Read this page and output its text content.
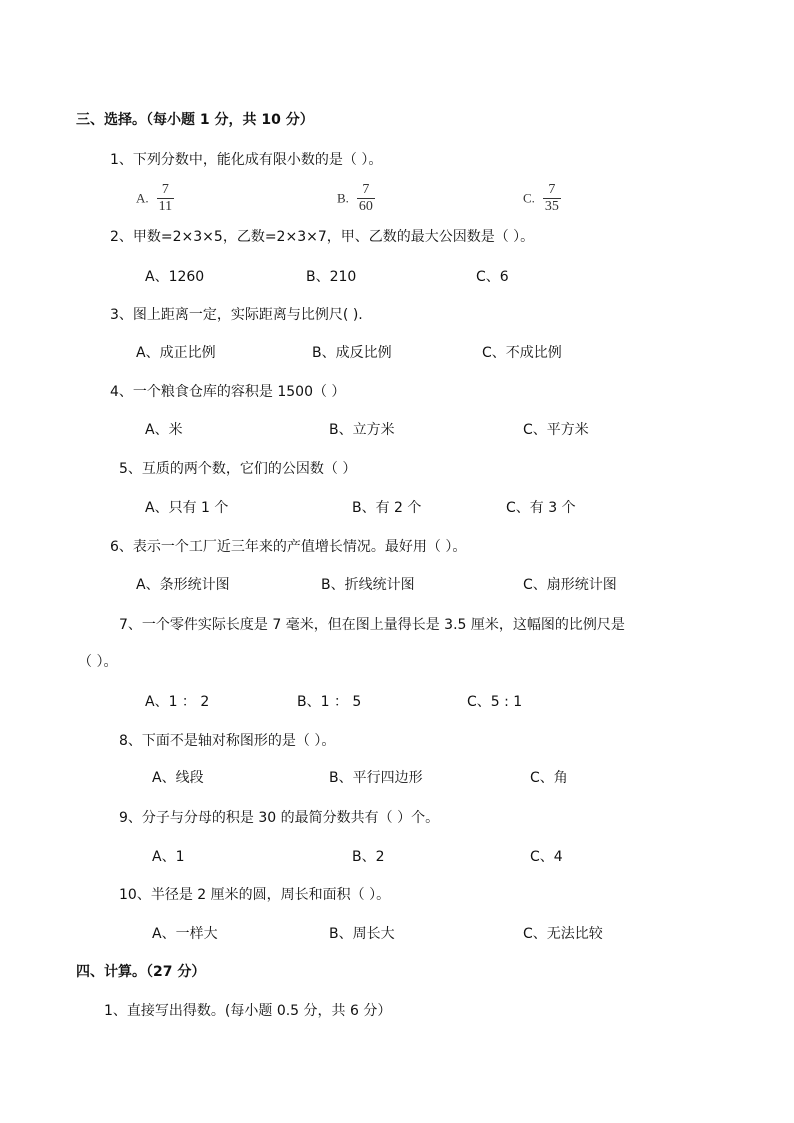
三、选择。（每小题 1 分，共 10 分）
1、下列分数中，能化成有限小数的是（ ）。
A. $\frac{7}{11}$	B. $\frac{7}{60}$	C. $\frac{7}{35}$
2、甲数=2×3×5，乙数=2×3×7，甲、乙数的最大公因数是（ ）。
A、1260	B、210	C、6
3、图上距离一定，实际距离与比例尺( ).
A、成正比例	B、成反比例	C、不成比例
4、一个粮食仓库的容积是 1500（ ）
A、米	B、立方米	C、平方米
5、互质的两个数，它们的公因数（ ）
A、只有 1 个	B、有 2 个	C、有 3 个
6、表示一个工厂近三年来的产值增长情况。最好用（ ）。
A、条形统计图	B、折线统计图	C、扇形统计图
7、一个零件实际长度是 7 毫米，但在图上量得长是 3.5 厘米，这幅图的比例尺是
（ ）。
A、1 ： 2	B、1 ： 5	C、5 : 1
8、下面不是轴对称图形的是（ ）。
A、线段	B、平行四边形	C、角
9、分子与分母的积是 30 的最简分数共有（ ）个。
A、1	B、2	C、4
10、半径是 2 厘米的圆，周长和面积（ ）。
A、一样大	B、周长大	C、无法比较
四、计算。（27 分）
1、直接写出得数。(每小题 0.5 分，共 6 分）
